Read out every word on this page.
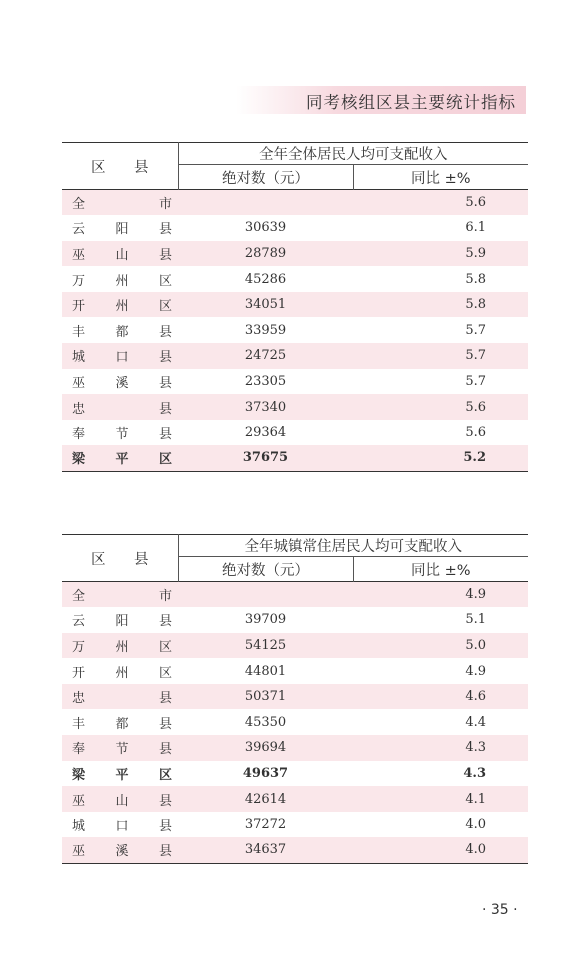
同考核组区县主要统计指标
区 县	全年全体居民人均可支配收入	
	绝对数（元）	同比 ±%
全市		5.6
云阳县	30639	6.1
巫山县	28789	5.9
万州区	45286	5.8
开州区	34051	5.8
丰都县	33959	5.7
城口县	24725	5.7
巫溪县	23305	5.7
忠县	37340	5.6
奉节县	29364	5.6
梁平区	37675	5.2
区 县	全年城镇常住居民人均可支配收入	
	绝对数（元）	同比 ±%
全市		4.9
云阳县	39709	5.1
万州区	54125	5.0
开州区	44801	4.9
忠县	50371	4.6
丰都县	45350	4.4
奉节县	39694	4.3
梁平区	49637	4.3
巫山县	42614	4.1
城口县	37272	4.0
巫溪县	34637	4.0
· 35 ·
